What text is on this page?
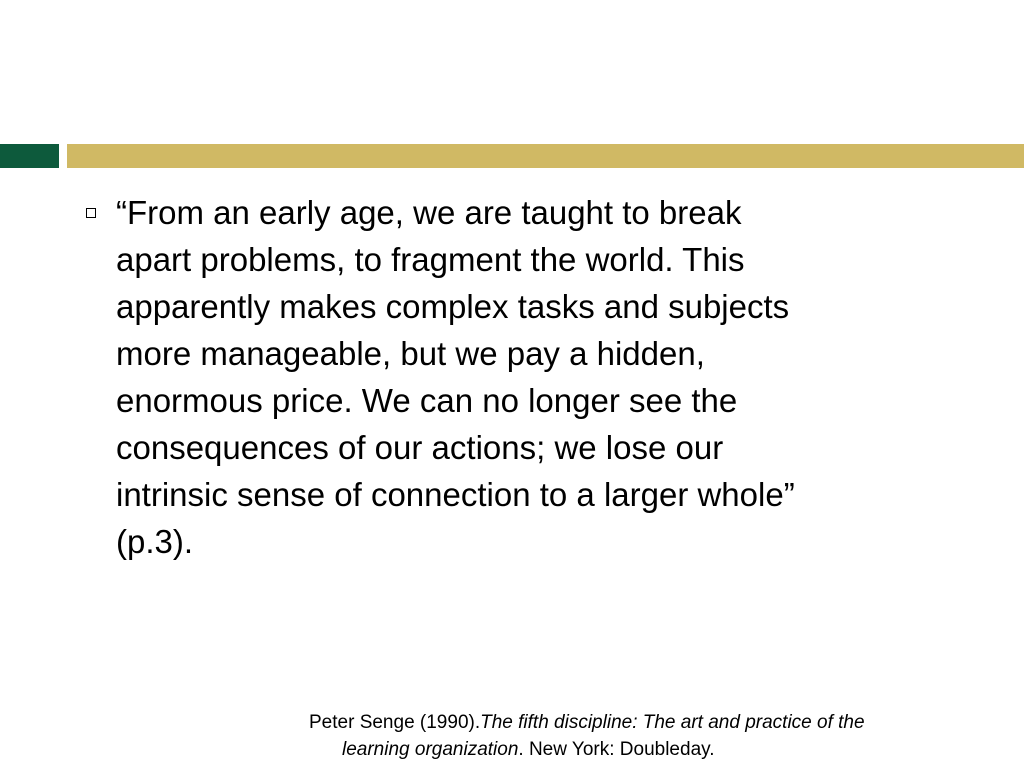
“From an early age, we are taught to break
apart problems, to fragment the world. This
apparently makes complex tasks and subjects
more manageable, but we pay a hidden,
enormous price. We can no longer see the
consequences of our actions; we lose our
intrinsic sense of connection to a larger whole”
(p.3).

Peter Senge (1990).The fifth discipline: The art and practice of the
learning organization. New York: Doubleday.
